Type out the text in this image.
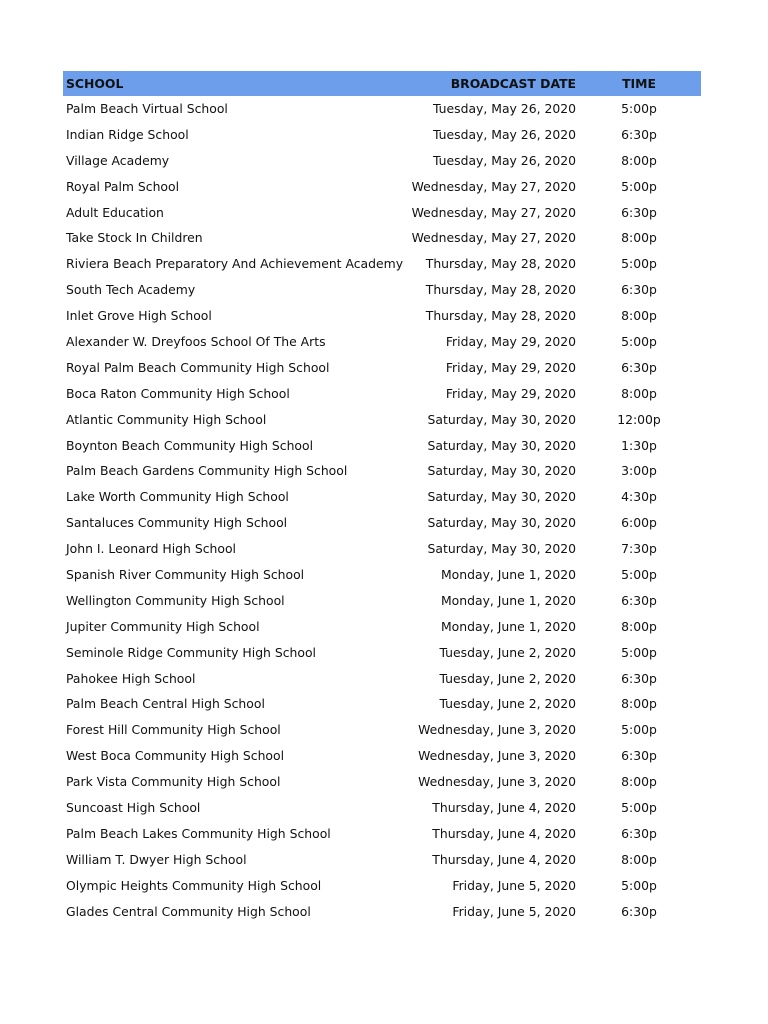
SCHOOL	BROADCAST DATE	TIME
Palm Beach Virtual School	Tuesday, May 26, 2020	5:00p
Indian Ridge School	Tuesday, May 26, 2020	6:30p
Village Academy	Tuesday, May 26, 2020	8:00p
Royal Palm School	Wednesday, May 27, 2020	5:00p
Adult Education	Wednesday, May 27, 2020	6:30p
Take Stock In Children	Wednesday, May 27, 2020	8:00p
Riviera Beach Preparatory And Achievement Academy Thursday, May 28, 2020	5:00p
South Tech Academy	Thursday, May 28, 2020	6:30p
Inlet Grove High School	Thursday, May 28, 2020	8:00p
Alexander W. Dreyfoos School Of The Arts	Friday, May 29, 2020	5:00p
Royal Palm Beach Community High School	Friday, May 29, 2020	6:30p
Boca Raton Community High School	Friday, May 29, 2020	8:00p
Atlantic Community High School	Saturday, May 30, 2020	12:00p
Boynton Beach Community High School	Saturday, May 30, 2020	1:30p
Palm Beach Gardens Community High School	Saturday, May 30, 2020	3:00p
Lake Worth Community High School	Saturday, May 30, 2020	4:30p
Santaluces Community High School	Saturday, May 30, 2020	6:00p
John I. Leonard High School	Saturday, May 30, 2020	7:30p
Spanish River Community High School	Monday, June 1, 2020	5:00p
Wellington Community High School	Monday, June 1, 2020	6:30p
Jupiter Community High School	Monday, June 1, 2020	8:00p
Seminole Ridge Community High School	Tuesday, June 2, 2020	5:00p
Pahokee High School	Tuesday, June 2, 2020	6:30p
Palm Beach Central High School	Tuesday, June 2, 2020	8:00p
Forest Hill Community High School	Wednesday, June 3, 2020	5:00p
West Boca Community High School	Wednesday, June 3, 2020	6:30p
Park Vista Community High School	Wednesday, June 3, 2020	8:00p
Suncoast High School	Thursday, June 4, 2020	5:00p
Palm Beach Lakes Community High School	Thursday, June 4, 2020	6:30p
William T. Dwyer High School	Thursday, June 4, 2020	8:00p
Olympic Heights Community High School	Friday, June 5, 2020	5:00p
Glades Central Community High School	Friday, June 5, 2020	6:30p
